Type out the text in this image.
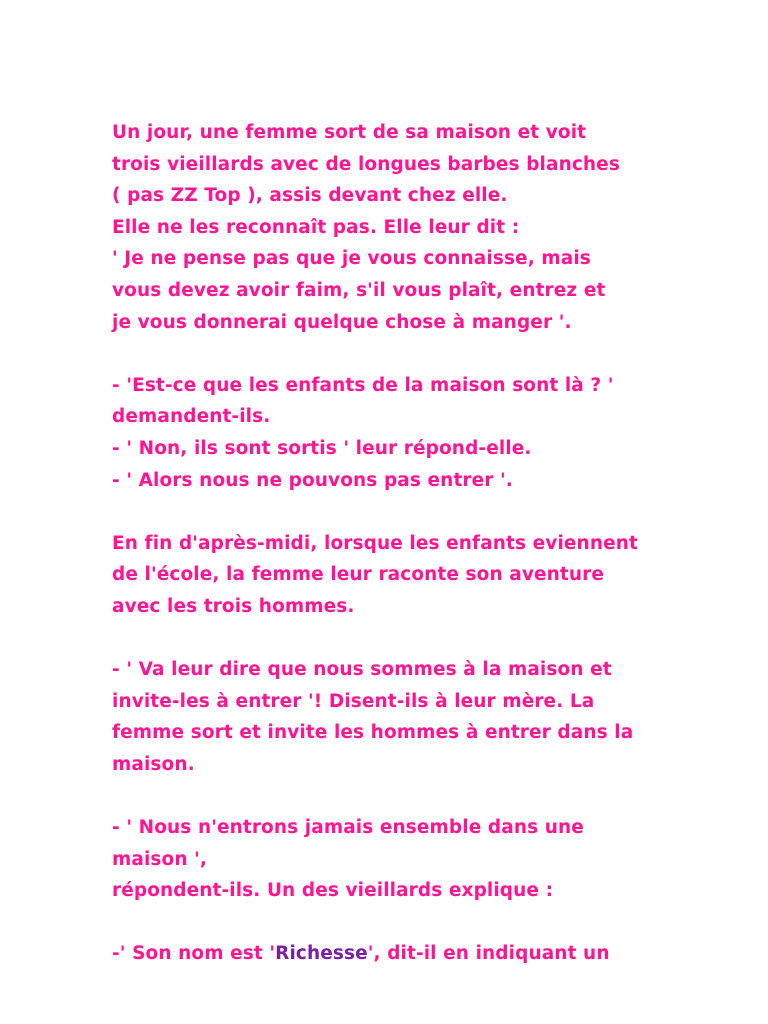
Un jour, une femme sort de sa maison et voit
trois vieillards avec de longues barbes blanches
( pas ZZ Top ), assis devant chez elle.
Elle ne les reconnaît pas. Elle leur dit :
' Je ne pense pas que je vous connaisse, mais
vous devez avoir faim, s'il vous plaît, entrez et
je vous donnerai quelque chose à manger '.
- 'Est-ce que les enfants de la maison sont là ? '
demandent-ils.
- ' Non, ils sont sortis ' leur répond-elle.
- ' Alors nous ne pouvons pas entrer '.
En fin d'après-midi, lorsque les enfants eviennent
de l'école, la femme leur raconte son aventure
avec les trois hommes.
- ' Va leur dire que nous sommes à la maison et
invite-les à entrer '! Disent-ils à leur mère. La
femme sort et invite les hommes à entrer dans la
maison.
- ' Nous n'entrons jamais ensemble dans une
maison ',
répondent-ils. Un des vieillards explique :
-' Son nom est 'Richesse', dit-il en indiquant un
